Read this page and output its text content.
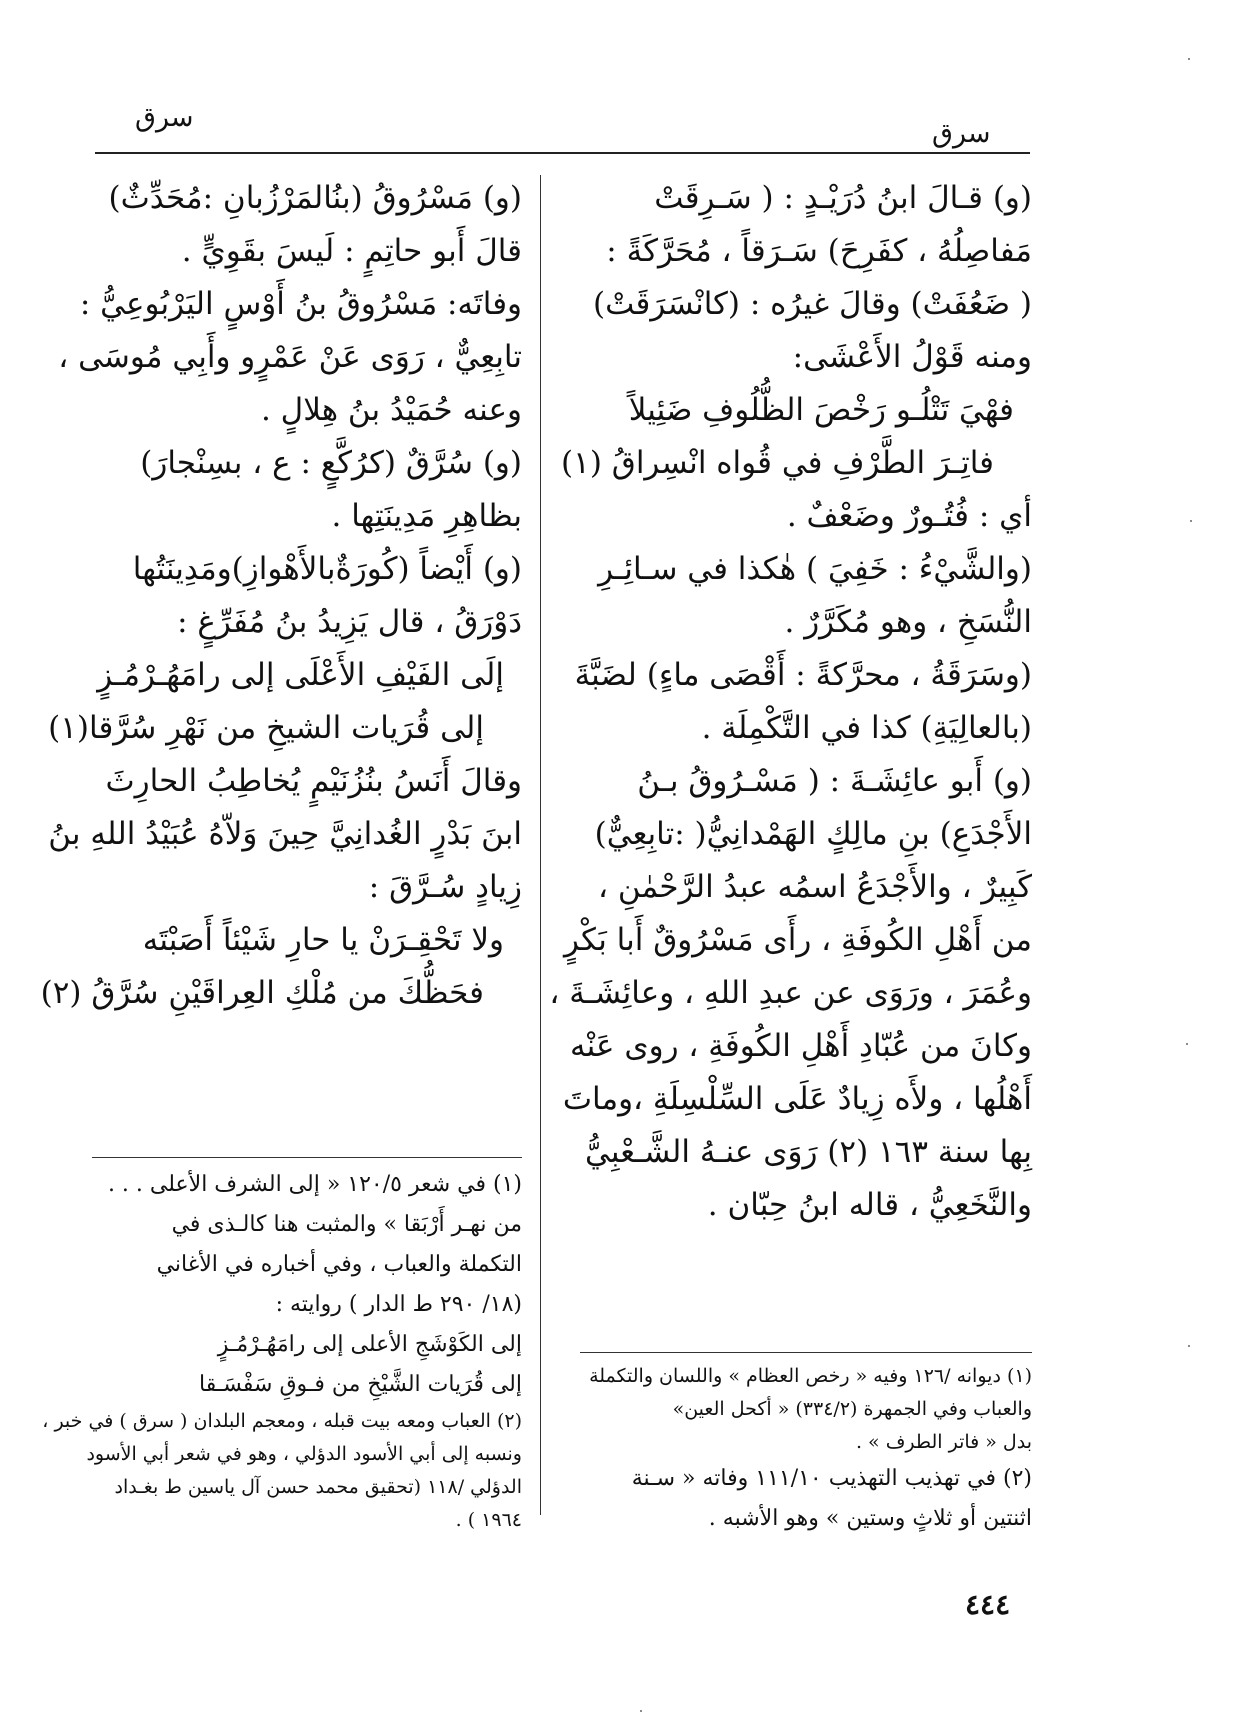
سرق
سرق
(و) قـالَ ابنُ دُرَيْـدٍ : ( سَـرِقَتْ
مَفاصِلُهُ ، كفَرِحَ) سَـرَقاً ، مُحَرَّكَةً :
( ضَعُفَتْ) وقالَ غيرُه : (كانْسَرَقَتْ)
ومنه قَوْلُ الأَعْشَى:
فهْيَ تَتْلُـو رَخْصَ الظُّلُوفِ ضَئِيلاً
فاتِـرَ الطَّرْفِ في قُواه انْسِراقُ (١)
أي : فُتُـورٌ وضَعْفٌ .
(والشَّيْءُ : خَفِيَ ) هٰكذا في سـائِـرِ
النُّسَخِ ، وهو مُكَرَّرٌ .
(وسَرَقَةُ ، محرَّكةً : أَقْصَى ماءٍ) لضَبَّةَ
(بالعالِيَةِ) كذا في التَّكْمِلَة .
(و) أَبو عائِشَـةَ : ( مَسْـرُوقُ بـنُ
الأَجْدَعِ) بنِ مالِكٍ الهَمْدانِيُّ( :تابِعِيٌّ)
كَبِيرٌ ، والأَجْدَعُ اسمُه عبدُ الرَّحْمٰنِ ،
من أَهْلِ الكُوفَةِ ، رأَى مَسْرُوقٌ أَبا بَكْرٍ
وعُمَرَ ، ورَوَى عن عبدِ اللهِ ، وعائِشَـةَ ،
وكانَ من عُبّادِ أَهْلِ الكُوفَةِ ، روى عَنْه
أَهْلُها ، ولأَه زِيادٌ عَلَى السِّلْسِلَةِ ،وماتَ
بِها سنة ١٦٣ (٢) رَوَى عنـهُ الشَّـعْبِيُّ
والنَّخَعِيُّ ، قاله ابنُ حِبّان .
(و) مَسْرُوقُ (بنُالمَرْزُبانِ :مُحَدِّثٌ)
قالَ أَبو حاتِمٍ : لَيسَ بقَوِيٍّ .
وفاتَه: مَسْرُوقُ بنُ أَوْسٍ اليَرْبُوعِيُّ :
تابِعِيٌّ ، رَوَى عَنْ عَمْرٍو وأَبِي مُوسَى ،
وعنه حُمَيْدُ بنُ هِلالٍ .
(و) سُرَّقٌ (كرُكَّعٍ : ع ، بسِنْجارَ)
بظاهِرِ مَدِينَتِها .
(و) أَيْضاً (كُورَةٌبالأَهْوازِ)ومَدِينَتُها
دَوْرَقُ ، قال يَزِيدُ بنُ مُفَرِّغٍ :
إلَى الفَيْفِ الأَعْلَى إلى رامَهُـرْمُـزٍ
إلى قُرَيات الشيخِ من نَهْرِ سُرَّقا(١)
وقالَ أَنَسُ بنُزُنَيْمٍ يُخاطِبُ الحارِثَ
ابنَ بَدْرٍ الغُدانِيَّ حِينَ وَلاّهُ عُبَيْدُ اللهِ بنُ
زِيادٍ سُـرَّقَ :
ولا تَحْقِـرَنْ يا حارِ شَيْئاً أَصَبْتَه
فحَظُّكَ من مُلْكِ العِراقَيْنِ سُرَّقُ (٢)
(١) في شعر ١٢٠/٥ « إلى الشرف الأعلى . . .
من نهـر أَرْبَقا » والمثبت هنا كالـذى في
التكملة والعباب ، وفي أخباره في الأغاني
(١٨/ ٢٩٠ ط الدار ) روايته :
إلى الكَوْشَجِ الأعلى إلى رامَهُـرْمُـزٍ
إلى قُرَيات الشَّيْخِ من فـوقِ سَفْسَـقا
(٢) العباب ومعه بيت قبله ، ومعجم البلدان ( سرق ) في خبر ،
ونسبه إلى أبي الأسود الدؤلي ، وهو في شعر أبي الأسود
الدؤلي /١١٨ (تحقيق محمد حسن آل ياسين ط بغـداد
١٩٦٤ ) .
(١) ديوانه /١٢٦ وفيه « رخص العظام » واللسان والتكملة
والعباب وفي الجمهرة (٣٣٤/٢) « أكحل العين»
بدل « فاتر الطرف » .
(٢) في تهذيب التهذيب ١١١/١٠ وفاته « سـنة
اثنتين أو ثلاثٍ وستين » وهو الأشبه .
٤٤٤
